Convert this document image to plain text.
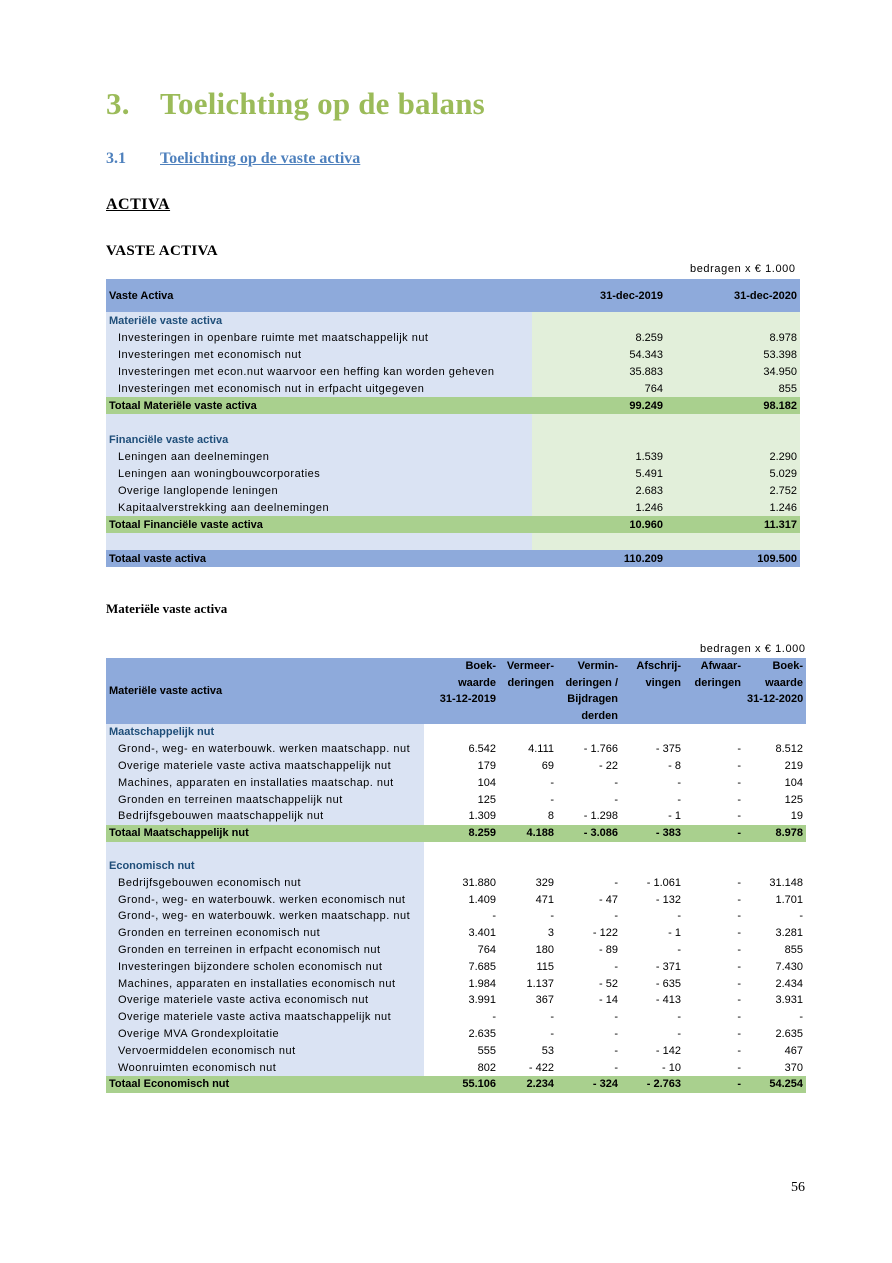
3. Toelichting op de balans
3.1 Toelichting op de vaste activa
ACTIVA
VASTE ACTIVA
bedragen x € 1.000
Vaste Activa	31-dec-2019	31-dec-2020
Materiële vaste activa		
Investeringen in openbare ruimte met maatschappelijk nut	8.259	8.978
Investeringen met economisch nut	54.343	53.398
Investeringen met econ.nut waarvoor een heffing kan worden geheven	35.883	34.950
Investeringen met economisch nut in erfpacht uitgegeven	764	855
Totaal Materiële vaste activa	99.249	98.182

Financiële vaste activa		
Leningen aan deelnemingen	1.539	2.290
Leningen aan woningbouwcorporaties	5.491	5.029
Overige langlopende leningen	2.683	2.752
Kapitaalverstrekking aan deelnemingen	1.246	1.246
Totaal Financiële vaste activa	10.960	11.317

Totaal vaste activa	110.209	109.500
Materiële vaste activa
bedragen x € 1.000
Materiële vaste activa	Boek-	Vermeer-	Vermin-	Afschrij-	Afwaar-	Boek-
	waarde	deringen	deringen /	vingen	deringen	waarde
	31-12-2019		Bijdragen			31-12-2020
			derden			
Maatschappelijk nut						
Grond-, weg- en waterbouwk. werken maatschapp. nut	6.542	4.111	- 1.766	- 375	-	8.512
Overige materiele vaste activa maatschappelijk nut	179	69	- 22	- 8	-	219
Machines, apparaten en installaties maatschap. nut	104	-	-	-	-	104
Gronden en terreinen maatschappelijk nut	125	-	-	-	-	125
Bedrijfsgebouwen maatschappelijk nut	1.309	8	- 1.298	- 1	-	19
Totaal Maatschappelijk nut	8.259	4.188	- 3.086	- 383	-	8.978

Economisch nut						
Bedrijfsgebouwen economisch nut	31.880	329	-	- 1.061	-	31.148
Grond-, weg- en waterbouwk. werken economisch nut	1.409	471	- 47	- 132	-	1.701
Grond-, weg- en waterbouwk. werken maatschapp. nut	-	-	-	-	-	-
Gronden en terreinen economisch nut	3.401	3	- 122	- 1	-	3.281
Gronden en terreinen in erfpacht economisch nut	764	180	- 89	-	-	855
Investeringen bijzondere scholen economisch nut	7.685	115	-	- 371	-	7.430
Machines, apparaten en installaties economisch nut	1.984	1.137	- 52	- 635	-	2.434
Overige materiele vaste activa economisch nut	3.991	367	- 14	- 413	-	3.931
Overige materiele vaste activa maatschappelijk nut	-	-	-	-	-	-
Overige MVA Grondexploitatie	2.635	-	-	-	-	2.635
Vervoermiddelen economisch nut	555	53	-	- 142	-	467
Woonruimten economisch nut	802	- 422	-	- 10	-	370
Totaal Economisch nut	55.106	2.234	- 324	- 2.763	-	54.254
56
